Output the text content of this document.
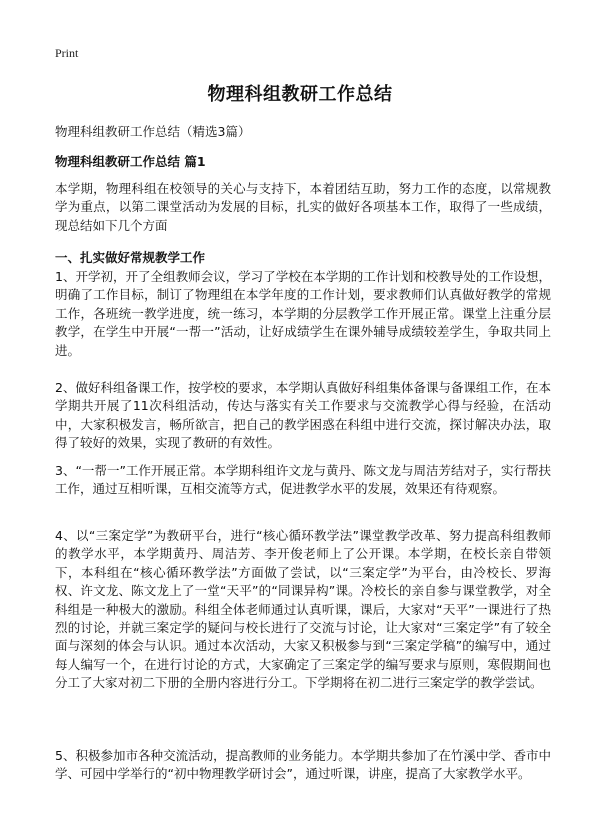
Print
物理科组教研工作总结
物理科组教研工作总结（精选3篇）
物理科组教研工作总结 篇1

本学期，物理科组在校领导的关心与支持下，本着团结互助，努力工作的态度，以常规教学为重点，以第二课堂活动为发展的目标，扎实的做好各项基本工作，取得了一些成绩，现总结如下几个方面

一、扎实做好常规教学工作

1、开学初，开了全组教师会议，学习了学校在本学期的工作计划和校教导处的工作设想，明确了工作目标，制订了物理组在本学年度的工作计划，要求教师们认真做好教学的常规工作，各班统一教学进度，统一练习，本学期的分层教学工作开展正常。课堂上注重分层教学，在学生中开展“一帮一”活动，让好成绩学生在课外辅导成绩较差学生，争取共同上进。

2、做好科组备课工作，按学校的要求，本学期认真做好科组集体备课与备课组工作，在本学期共开展了11次科组活动，传达与落实有关工作要求与交流教学心得与经验，在活动中，大家积极发言，畅所欲言，把自己的教学困惑在科组中进行交流，探讨解决办法，取得了较好的效果，实现了教研的有效性。

3、“一帮一”工作开展正常。本学期科组许文龙与黄丹、陈文龙与周洁芳结对子，实行帮扶工作，通过互相听课，互相交流等方式，促进教学水平的发展，效果还有待观察。

4、以“三案定学”为教研平台，进行“核心循环教学法”课堂教学改革、努力提高科组教师的教学水平，本学期黄丹、周洁芳、李开俊老师上了公开课。本学期，在校长亲自带领下，本科组在“核心循环教学法”方面做了尝试，以“三案定学”为平台，由冷校长、罗海权、许文龙、陈文龙上了一堂“天平”的“同课异构”课。冷校长的亲自参与课堂教学，对全科组是一种极大的激励。科组全体老师通过认真听课，课后，大家对“天平”一课进行了热烈的讨论，并就三案定学的疑问与校长进行了交流与讨论，让大家对“三案定学”有了较全面与深刻的体会与认识。通过本次活动，大家又积极参与到“三案定学稿”的编写中，通过每人编写一个，在进行讨论的方式，大家确定了三案定学的编写要求与原则，寒假期间也分工了大家对初二下册的全册内容进行分工。下学期将在初二进行三案定学的教学尝试。

5、积极参加市各种交流活动，提高教师的业务能力。本学期共参加了在竹溪中学、香市中学、可园中学举行的“初中物理教学研讨会”，通过听课，讲座，提高了大家教学水平。
